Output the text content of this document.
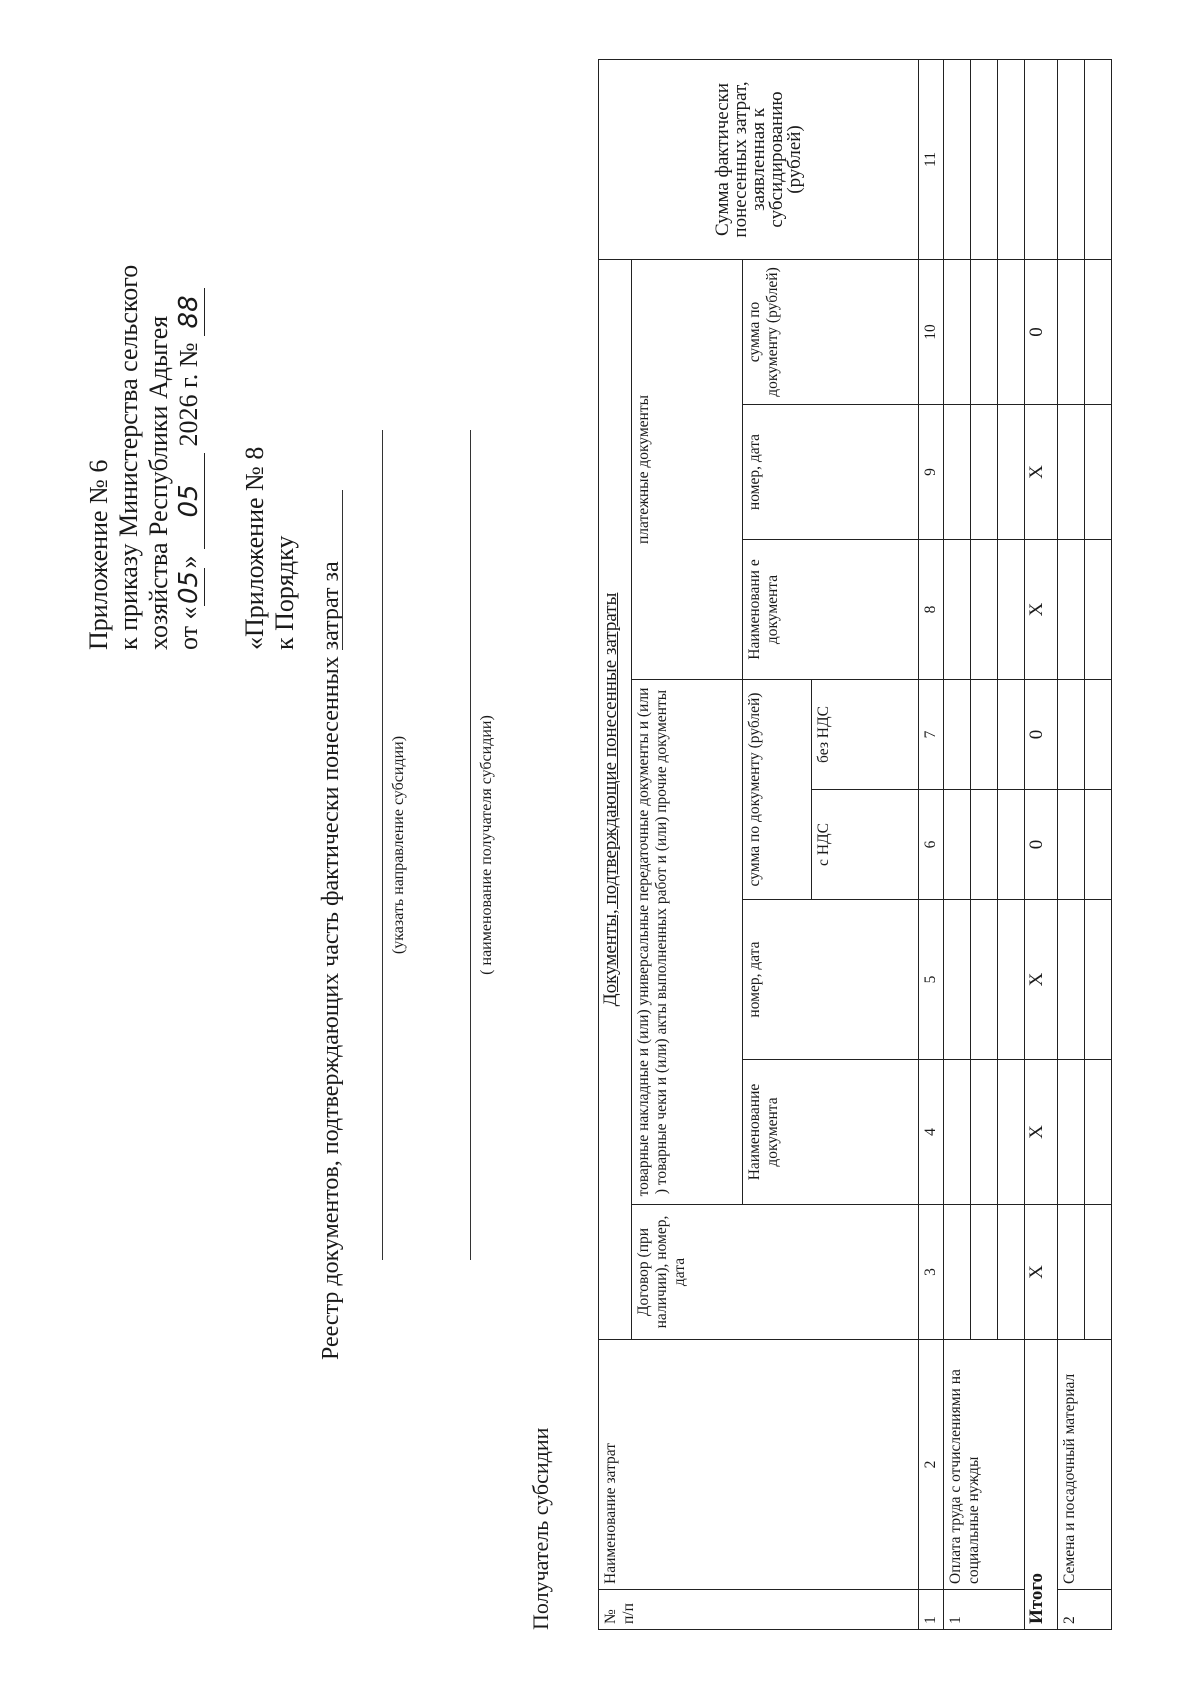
Приложение № 6 к приказу Министерства сельского хозяйства Республики Адыгея от «05» 05 2026 г. № 88
«Приложение № 8 к Порядку Реестр документов, подтверждающих часть фактически понесенных затрат за	(указать направление субсидии)	( наименование получателя субсидии)
Получатель субсидии	№ п/п	Наименование затрат	Документы, подтверждающие понесенные затраты								Сумма фактически понесенных затрат, заявленная к субсидированию (рублей)
		Договор (при наличии), номер, дата	товарные накладные и (или) универсальные передаточные документы и (или ) товарные чеки и (или) акты выполненных работ и (или) прочие документы				платежные документы			
			Наименование документа	номер, дата	сумма по документу (рублей)		Наименовани е документа	номер, дата	сумма по документу (рублей)	
					с НДС	без НДС				
1	2	3	4	5	6	7	8	9	10	11
1	Оплата труда с отчислениями на социальные нужды									

Итого		Х	Х	Х	0	0	Х	Х	0	
2	Семена и посадочный материал									
